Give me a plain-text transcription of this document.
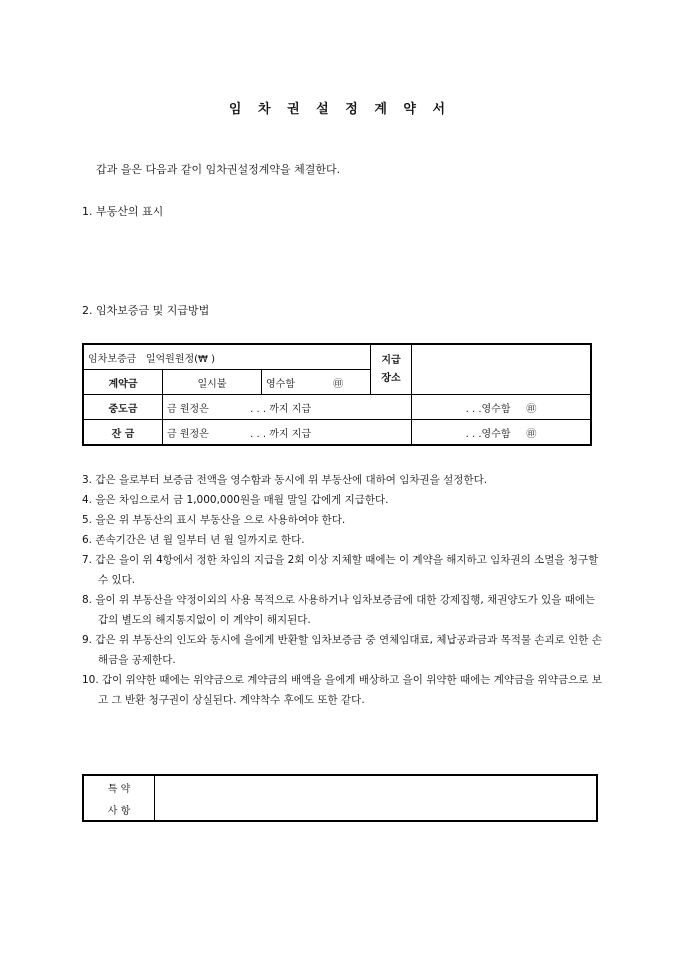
임 차 권 설 정 계 약 서
갑과 을은 다음과 같이 임차권설정계약을 체결한다.
1. 부동산의 표시
2. 임차보증금 및 지급방법
임차보증금 일억원원정(₩ )			지급
장소	
계약금	일시불	영수함 ㊞		
중도금	금 원정은 . . . 까지 지급			. . .영수함 ㊞
잔 금	금 원정은 . . . 까지 지급			. . .영수함 ㊞

3. 갑은 을로부터 보증금 전액을 영수함과 동시에 위 부동산에 대하여 임차권을 설정한다.

4. 을은 차임으로서 금 1,000,000원을 매월 말일 갑에게 지급한다.

5. 을은 위 부동산의 표시 부동산을 으로 사용하여야 한다.

6. 존속기간은 년 월 일부터 년 월 일까지로 한다.

7. 갑은 을이 위 4항에서 정한 차임의 지급을 2회 이상 지체할 때에는 이 계약을 해지하고 임차권의 소멸을 청구할 수 있다.

8. 을이 위 부동산을 약정이외의 사용 목적으로 사용하거나 임차보증금에 대한 강제집행, 채권양도가 있을 때에는 갑의 별도의 해지통지없이 이 계약이 해지된다.

9. 갑은 위 부동산의 인도와 동시에 을에게 반환할 임차보증금 중 연체임대료, 체납공과금과 목적물 손괴로 인한 손해금을 공제한다.

10. 갑이 위약한 때에는 위약금으로 계약금의 배액을 을에게 배상하고 을이 위약한 때에는 계약금을 위약금으로 보고 그 반환 청구권이 상실된다. 계약착수 후에도 또한 같다.

특 약	
사 항
